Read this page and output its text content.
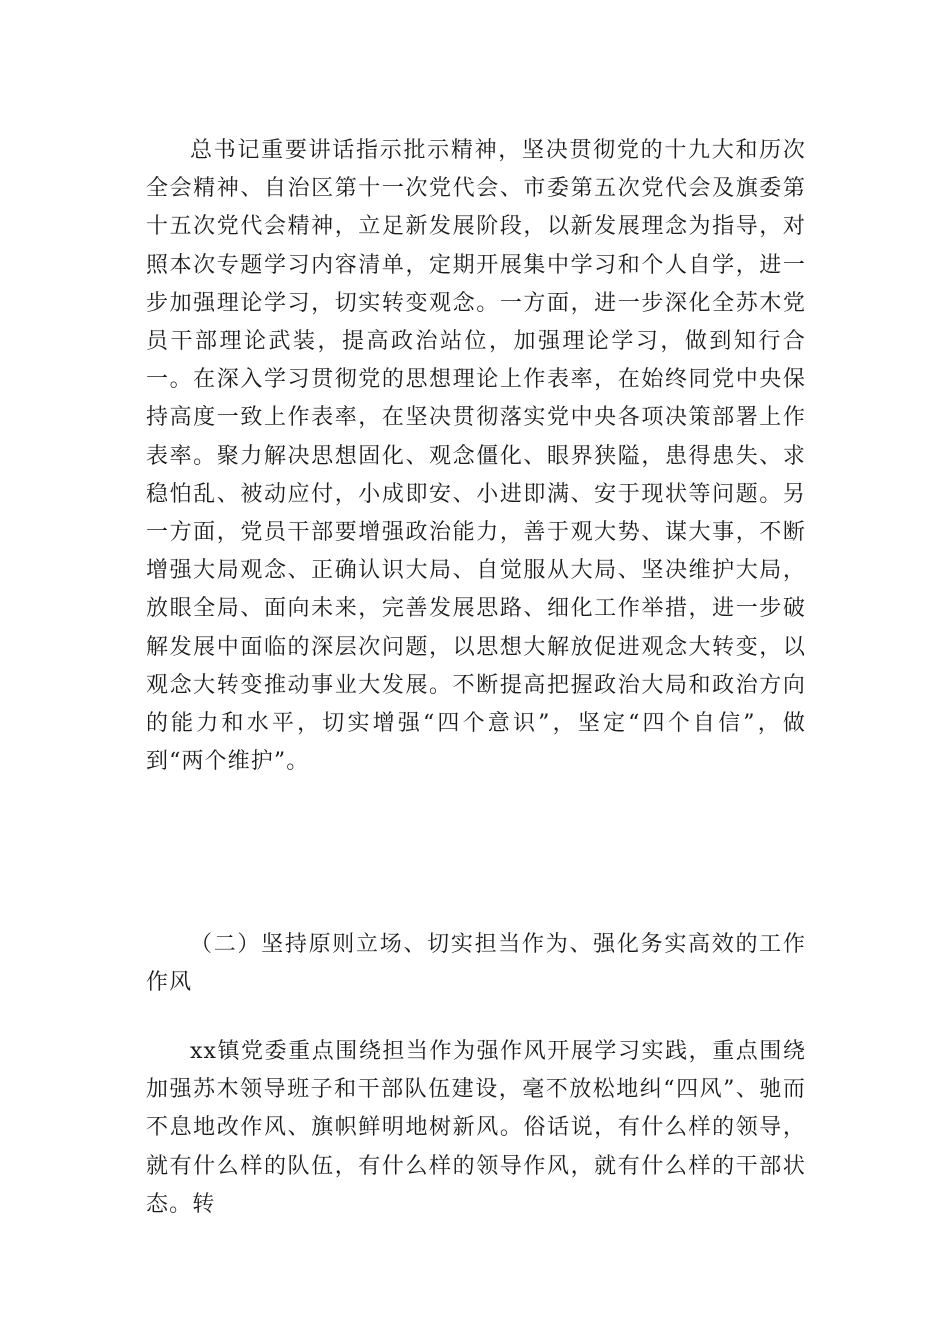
总书记重要讲话指示批示精神，坚决贯彻党的十九大和历次全会精神、自治区第十一次党代会、市委第五次党代会及旗委第十五次党代会精神，立足新发展阶段，以新发展理念为指导，对照本次专题学习内容清单，定期开展集中学习和个人自学，进一步加强理论学习，切实转变观念。一方面，进一步深化全苏木党员干部理论武装，提高政治站位，加强理论学习，做到知行合一。在深入学习贯彻党的思想理论上作表率，在始终同党中央保持高度一致上作表率，在坚决贯彻落实党中央各项决策部署上作表率。聚力解决思想固化、观念僵化、眼界狭隘，患得患失、求稳怕乱、被动应付，小成即安、小进即满、安于现状等问题。另一方面，党员干部要增强政治能力，善于观大势、谋大事，不断增强大局观念、正确认识大局、自觉服从大局、坚决维护大局，放眼全局、面向未来，完善发展思路、细化工作举措，进一步破解发展中面临的深层次问题，以思想大解放促进观念大转变，以观念大转变推动事业大发展。不断提高把握政治大局和政治方向的能力和水平，切实增强“四个意识”，坚定“四个自信”，做到“两个维护”。

（二）坚持原则立场、切实担当作为、强化务实高效的工作作风

xx镇党委重点围绕担当作为强作风开展学习实践，重点围绕加强苏木领导班子和干部队伍建设，毫不放松地纠“四风”、驰而不息地改作风、旗帜鲜明地树新风。俗话说，有什么样的领导，就有什么样的队伍，有什么样的领导作风，就有什么样的干部状态。转
